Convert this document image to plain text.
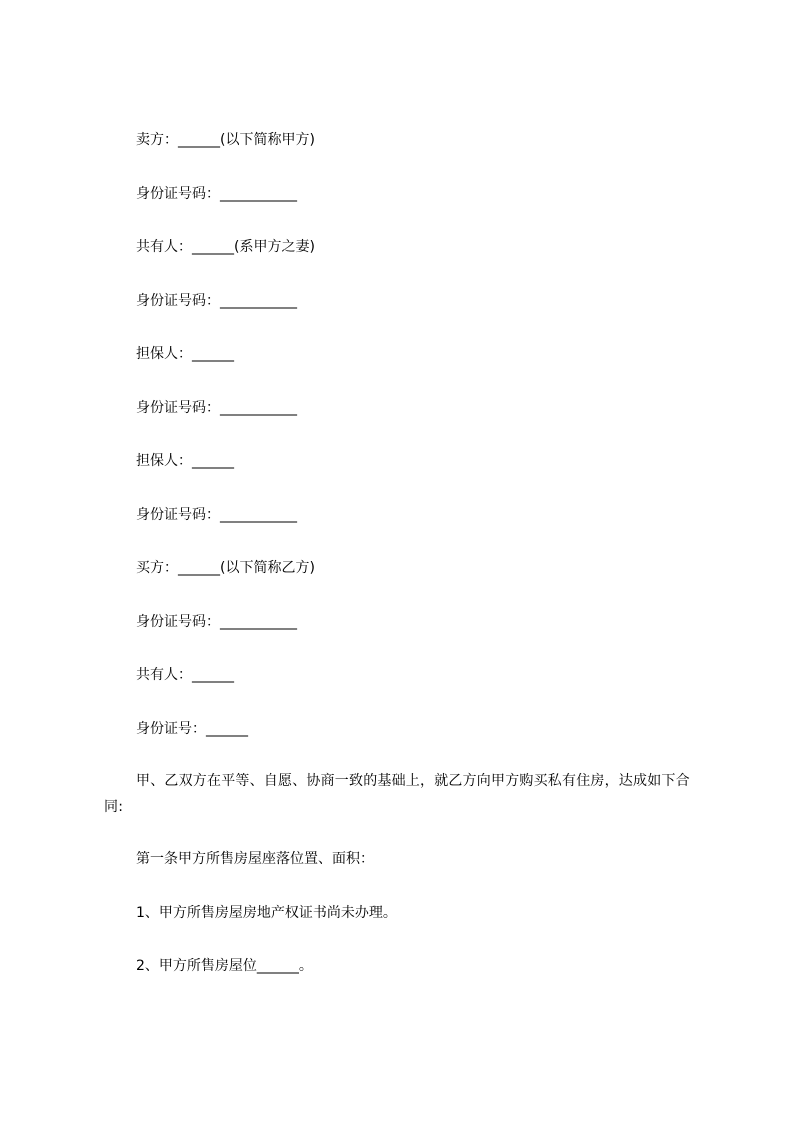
卖方：______(以下简称甲方)
身份证号码：___________
共有人：______(系甲方之妻)
身份证号码：___________
担保人：______
身份证号码：___________
担保人：______
身份证号码：___________
买方：______(以下简称乙方)
身份证号码：___________
共有人：______
身份证号：______
甲、乙双方在平等、自愿、协商一致的基础上，就乙方向甲方购买私有住房，达成如下合同:
第一条甲方所售房屋座落位置、面积：
1、甲方所售房屋房地产权证书尚未办理。
2、甲方所售房屋位______。
